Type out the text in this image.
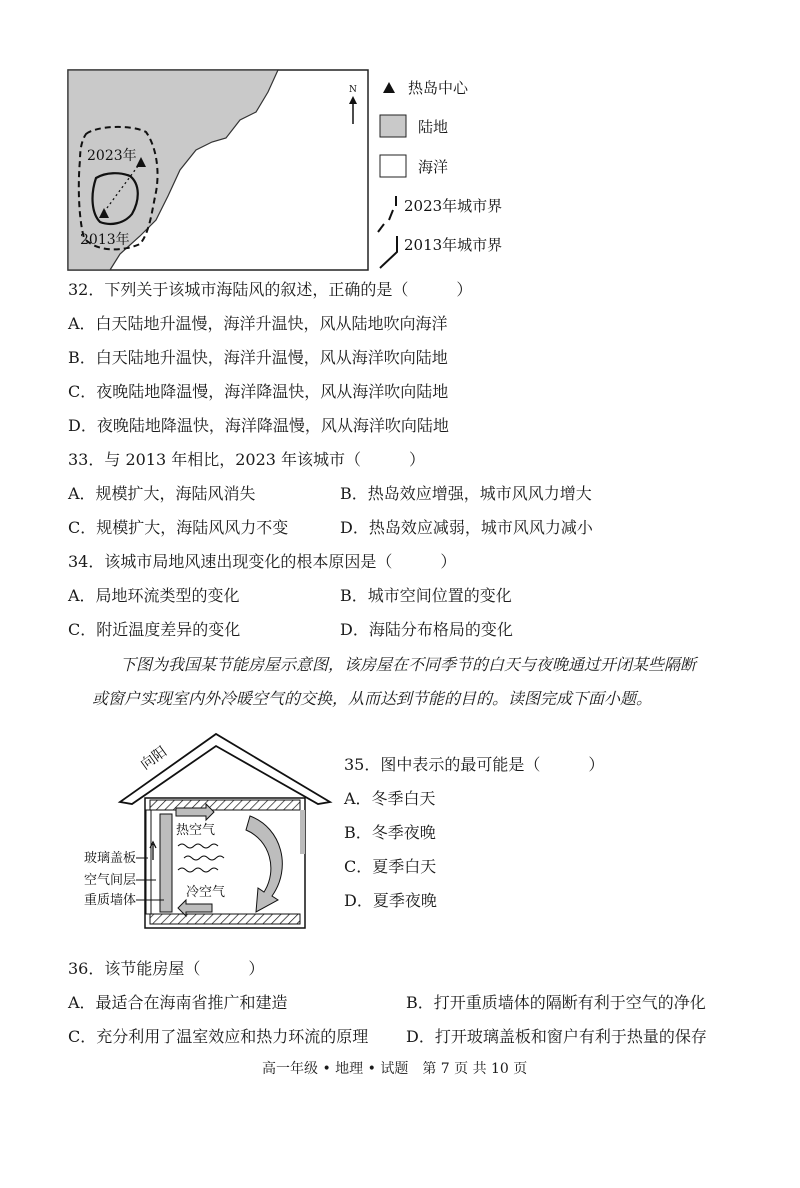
2023年
2013年
N	热岛中心
陆地
海洋
2023年城市界
2013年城市界
32．下列关于该城市海陆风的叙述，正确的是（　　　）
A．白天陆地升温慢，海洋升温快，风从陆地吹向海洋
B．白天陆地升温快，海洋升温慢，风从海洋吹向陆地
C．夜晚陆地降温慢，海洋降温快，风从海洋吹向陆地
D．夜晚陆地降温快，海洋降温慢，风从海洋吹向陆地
33．与 2013 年相比，2023 年该城市（　　　）
A．规模扩大，海陆风消失	B．热岛效应增强，城市风风力增大
C．规模扩大，海陆风风力不变	D．热岛效应减弱，城市风风力减小
34．该城市局地风速出现变化的根本原因是（　　　）
A．局地环流类型的变化	B．城市空间位置的变化
C．附近温度差异的变化	D．海陆分布格局的变化
下图为我国某节能房屋示意图，该房屋在不同季节的白天与夜晚通过开闭某些隔断
或窗户实现室内外冷暖空气的交换，从而达到节能的目的。读图完成下面小题。
向阳
热空气
冷空气
玻璃盖板
空气间层
重质墙体
35．图中表示的最可能是（　　　）
A．冬季白天
B．冬季夜晚
C．夏季白天
D．夏季夜晚
36．该节能房屋（　　　）
A．最适合在海南省推广和建造	B．打开重质墙体的隔断有利于空气的净化
C．充分利用了温室效应和热力环流的原理 D．打开玻璃盖板和窗户有利于热量的保存
高一年级 • 地理 • 试题　第 7 页 共 10 页
